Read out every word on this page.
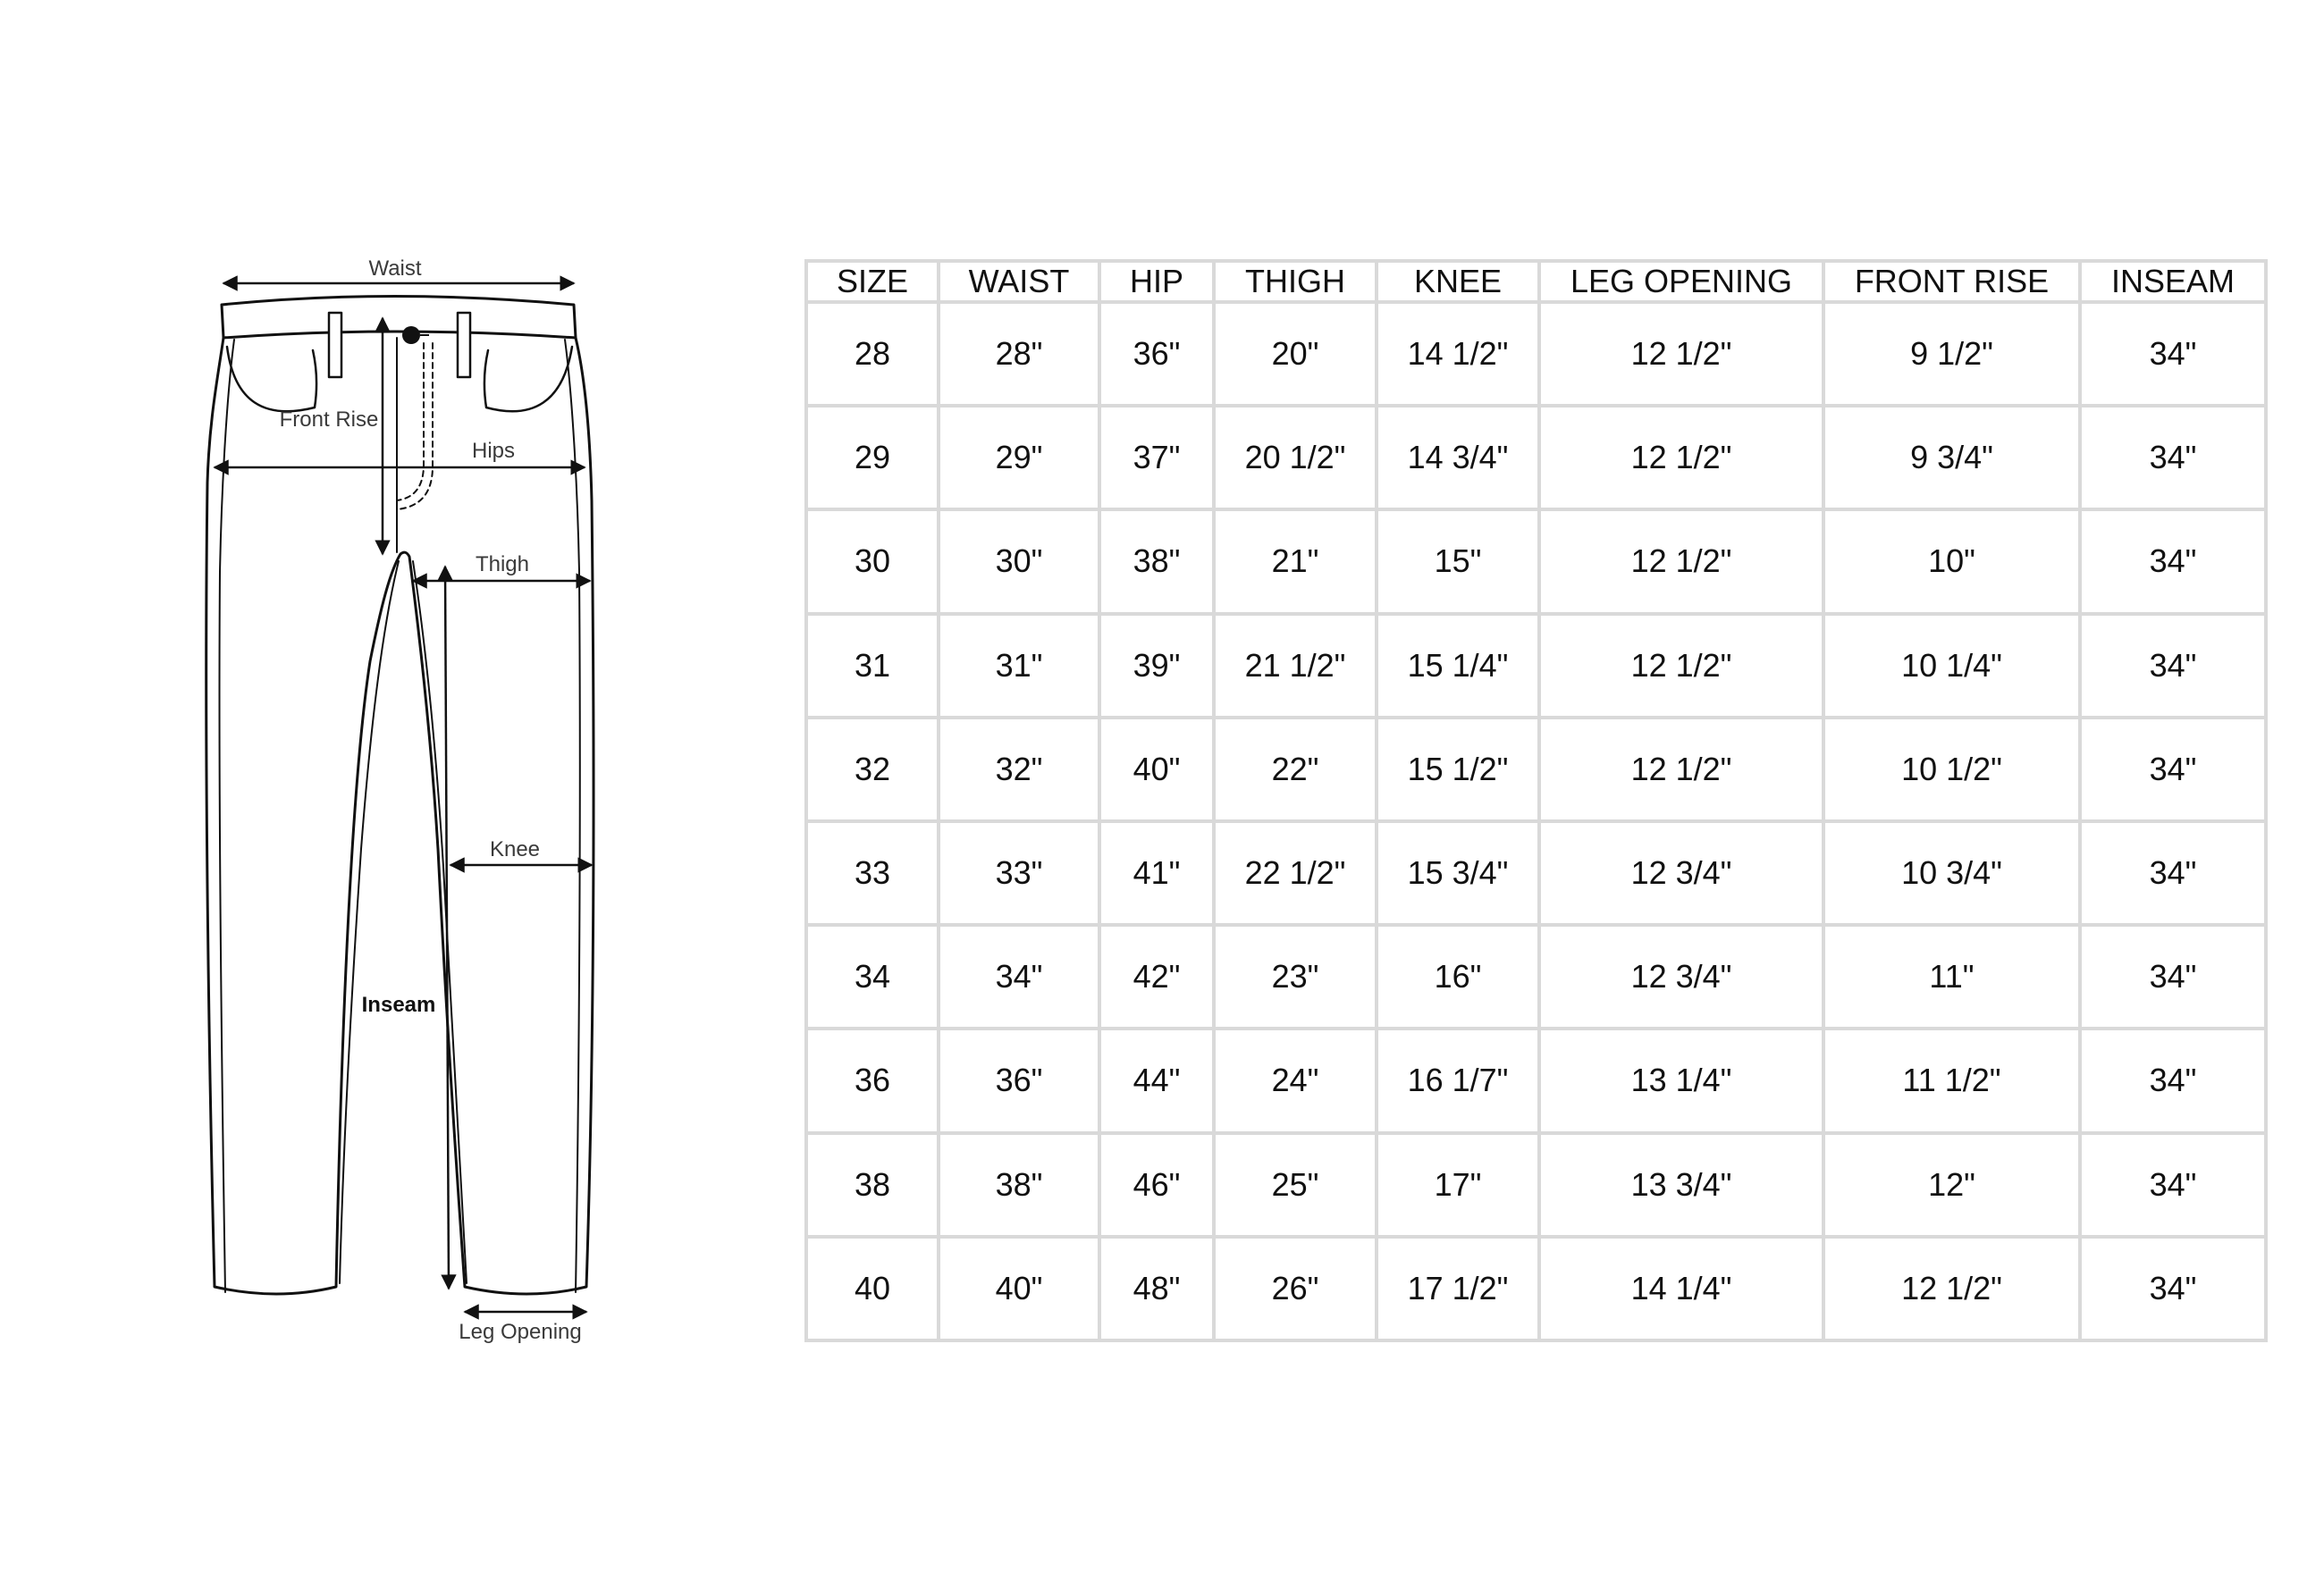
Waist
Front Rise
Hips
Thigh
Knee
Inseam
Leg Opening
SIZE	WAIST	HIP	THIGH	KNEE	LEG OPENING	FRONT RISE	INSEAM
28	28"	36"	20"	14 1/2"	12 1/2"	9 1/2"	34"
29	29"	37"	20 1/2"	14 3/4"	12 1/2"	9 3/4"	34"
30	30"	38"	21"	15"	12 1/2"	10"	34"
31	31"	39"	21 1/2"	15 1/4"	12 1/2"	10 1/4"	34"
32	32"	40"	22"	15 1/2"	12 1/2"	10 1/2"	34"
33	33"	41"	22 1/2"	15 3/4"	12 3/4"	10 3/4"	34"
34	34"	42"	23"	16"	12 3/4"	11"	34"
36	36"	44"	24"	16 1/7"	13 1/4"	11 1/2"	34"
38	38"	46"	25"	17"	13 3/4"	12"	34"
40	40"	48"	26"	17 1/2"	14 1/4"	12 1/2"	34"
